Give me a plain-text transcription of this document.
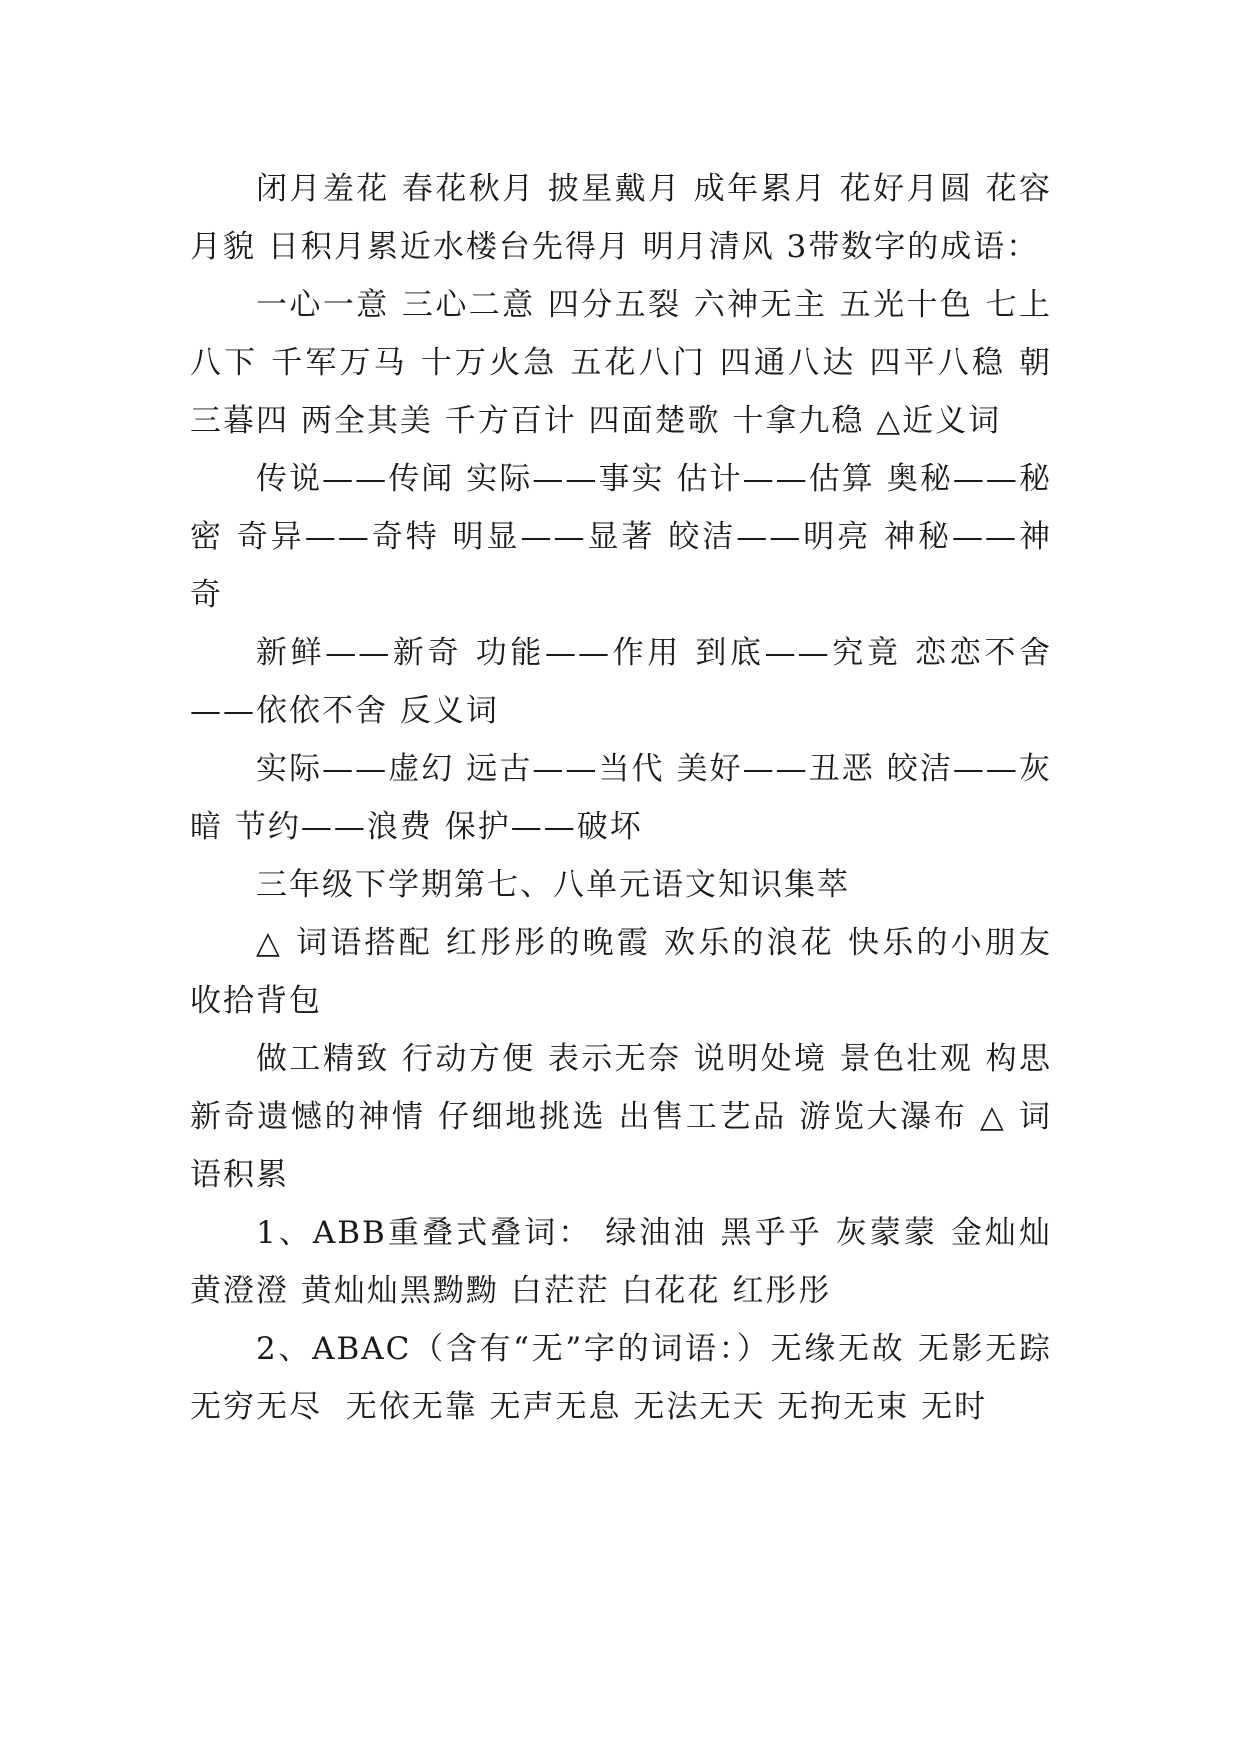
闭月羞花 春花秋月 披星戴月 成年累月 花好月圆 花容月貌 日积月累近水楼台先得月 明月清风 3带数字的成语：

一心一意 三心二意 四分五裂 六神无主 五光十色 七上八下 千军万马 十万火急 五花八门 四通八达 四平八稳 朝三暮四 两全其美 千方百计 四面楚歌 十拿九稳 △近义词

传说——传闻 实际——事实 估计——估算 奥秘——秘密 奇异——奇特 明显——显著 皎洁——明亮 神秘——神奇

新鲜——新奇 功能——作用 到底——究竟 恋恋不舍——依依不舍 反义词

实际——虚幻 远古——当代 美好——丑恶 皎洁——灰暗 节约——浪费 保护——破坏

三年级下学期第七、八单元语文知识集萃

△ 词语搭配 红彤彤的晚霞 欢乐的浪花 快乐的小朋友 收拾背包

做工精致 行动方便 表示无奈 说明处境 景色壮观 构思新奇遗憾的神情 仔细地挑选 出售工艺品 游览大瀑布 △ 词语积累

1、ABB重叠式叠词： 绿油油 黑乎乎 灰蒙蒙 金灿灿 黄澄澄 黄灿灿黑黝黝 白茫茫 白花花 红彤彤

2、ABAC（含有“无”字的词语：）无缘无故 无影无踪 无穷无尽  无依无靠 无声无息 无法无天 无拘无束 无时
